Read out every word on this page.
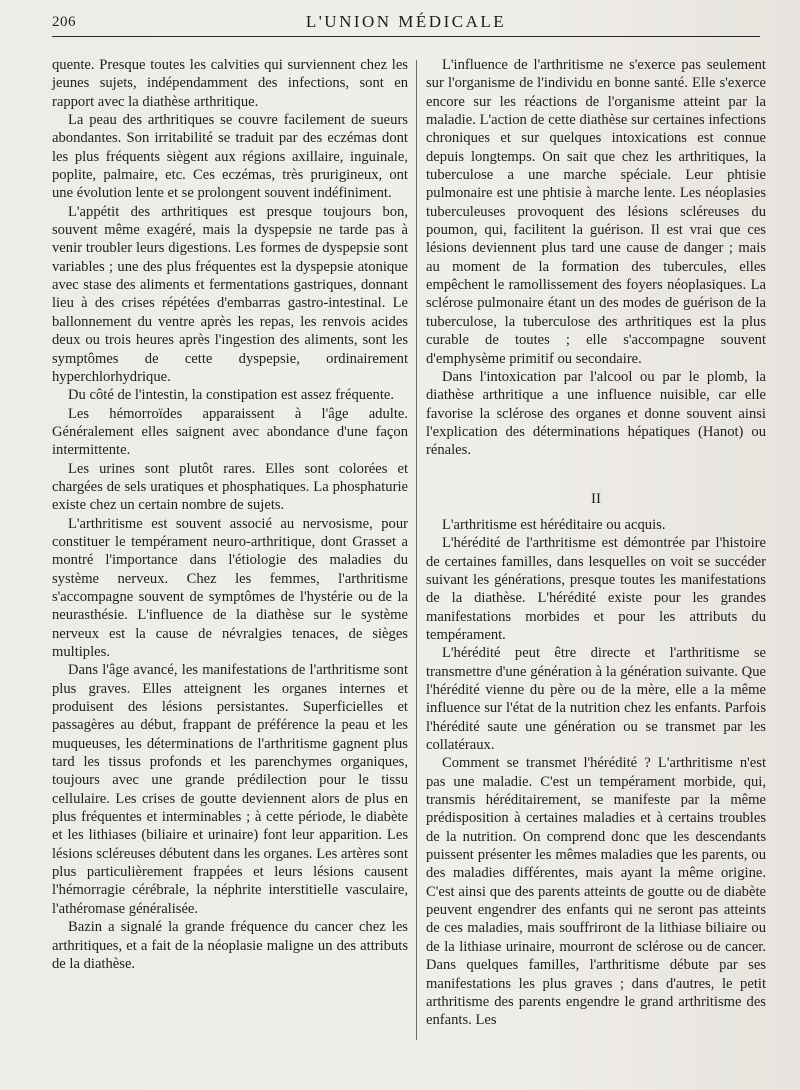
206	L'UNION MÉDICALE

quente. Presque toutes les calvities qui surviennent chez les jeunes sujets, indépendamment des infections, sont en rapport avec la diathèse arthritique.

La peau des arthritiques se couvre facilement de sueurs abondantes. Son irritabilité se traduit par des eczémas dont les plus fréquents siègent aux régions axillaire, inguinale, poplite, palmaire, etc. Ces eczémas, très prurigineux, ont une évolution lente et se prolongent souvent indéfiniment.

L'appétit des arthritiques est presque toujours bon, souvent même exagéré, mais la dyspepsie ne tarde pas à venir troubler leurs digestions. Les formes de dyspepsie sont variables ; une des plus fréquentes est la dyspepsie atonique avec stase des aliments et fermentations gastriques, donnant lieu à des crises répétées d'embarras gastro-intestinal. Le ballonnement du ventre après les repas, les renvois acides deux ou trois heures après l'ingestion des aliments, sont les symptômes de cette dyspepsie, ordinairement hyperchlorhydrique.

Du côté de l'intestin, la constipation est assez fréquente.

Les hémorroïdes apparaissent à l'âge adulte. Généralement elles saignent avec abondance d'une façon intermittente.

Les urines sont plutôt rares. Elles sont colorées et chargées de sels uratiques et phosphatiques. La phosphaturie existe chez un certain nombre de sujets.

L'arthritisme est souvent associé au nervosisme, pour constituer le tempérament neuro-arthritique, dont Grasset a montré l'importance dans l'étiologie des maladies du système nerveux. Chez les femmes, l'arthritisme s'accompagne souvent de symptômes de l'hystérie ou de la neurasthésie. L'influence de la diathèse sur le système nerveux est la cause de névralgies tenaces, de sièges multiples.

Dans l'âge avancé, les manifestations de l'arthritisme sont plus graves. Elles atteignent les organes internes et produisent des lésions persistantes. Superficielles et passagères au début, frappant de préférence la peau et les muqueuses, les déterminations de l'arthritisme gagnent plus tard les tissus profonds et les parenchymes organiques, toujours avec une grande prédilection pour le tissu cellulaire. Les crises de goutte deviennent alors de plus en plus fréquentes et interminables ; à cette période, le diabète et les lithiases (biliaire et urinaire) font leur apparition. Les lésions scléreuses débutent dans les organes. Les artères sont plus particulièrement frappées et leurs lésions causent l'hémorragie cérébrale, la néphrite interstitielle vasculaire, l'athéromase généralisée.

Bazin a signalé la grande fréquence du cancer chez les arthritiques, et a fait de la néoplasie maligne un des attributs de la diathèse.

L'influence de l'arthritisme ne s'exerce pas seulement sur l'organisme de l'individu en bonne santé. Elle s'exerce encore sur les réactions de l'organisme atteint par la maladie. L'action de cette diathèse sur certaines infections chroniques et sur quelques intoxications est connue depuis longtemps. On sait que chez les arthritiques, la tuberculose a une marche spéciale. Leur phtisie pulmonaire est une phtisie à marche lente. Les néoplasies tuberculeuses provoquent des lésions scléreuses du poumon, qui, facilitent la guérison. Il est vrai que ces lésions deviennent plus tard une cause de danger ; mais au moment de la formation des tubercules, elles empêchent le ramollissement des foyers néoplasiques. La sclérose pulmonaire étant un des modes de guérison de la tuberculose, la tuberculose des arthritiques est la plus curable de toutes ; elle s'accompagne souvent d'emphysème primitif ou secondaire.

Dans l'intoxication par l'alcool ou par le plomb, la diathèse arthritique a une influence nuisible, car elle favorise la sclérose des organes et donne souvent ainsi l'explication des déterminations hépatiques (Hanot) ou rénales.

II

L'arthritisme est héréditaire ou acquis.

L'hérédité de l'arthritisme est démontrée par l'histoire de certaines familles, dans lesquelles on voit se succéder suivant les générations, presque toutes les manifestations de la diathèse. L'hérédité existe pour les grandes manifestations morbides et pour les attributs du tempérament.

L'hérédité peut être directe et l'arthritisme se transmettre d'une génération à la génération suivante. Que l'hérédité vienne du père ou de la mère, elle a la même influence sur l'état de la nutrition chez les enfants. Parfois l'hérédité saute une génération ou se transmet par les collatéraux.

Comment se transmet l'hérédité ? L'arthritisme n'est pas une maladie. C'est un tempérament morbide, qui, transmis héréditairement, se manifeste par la même prédisposition à certaines maladies et à certains troubles de la nutrition. On comprend donc que les descendants puissent présenter les mêmes maladies que les parents, ou des maladies différentes, mais ayant la même origine. C'est ainsi que des parents atteints de goutte ou de diabète peuvent engendrer des enfants qui ne seront pas atteints de ces maladies, mais souffriront de la lithiase biliaire ou de la lithiase urinaire, mourront de sclérose ou de cancer. Dans quelques familles, l'arthritisme débute par ses manifestations les plus graves ; dans d'autres, le petit arthritisme des parents engendre le grand arthritisme des enfants. Les
